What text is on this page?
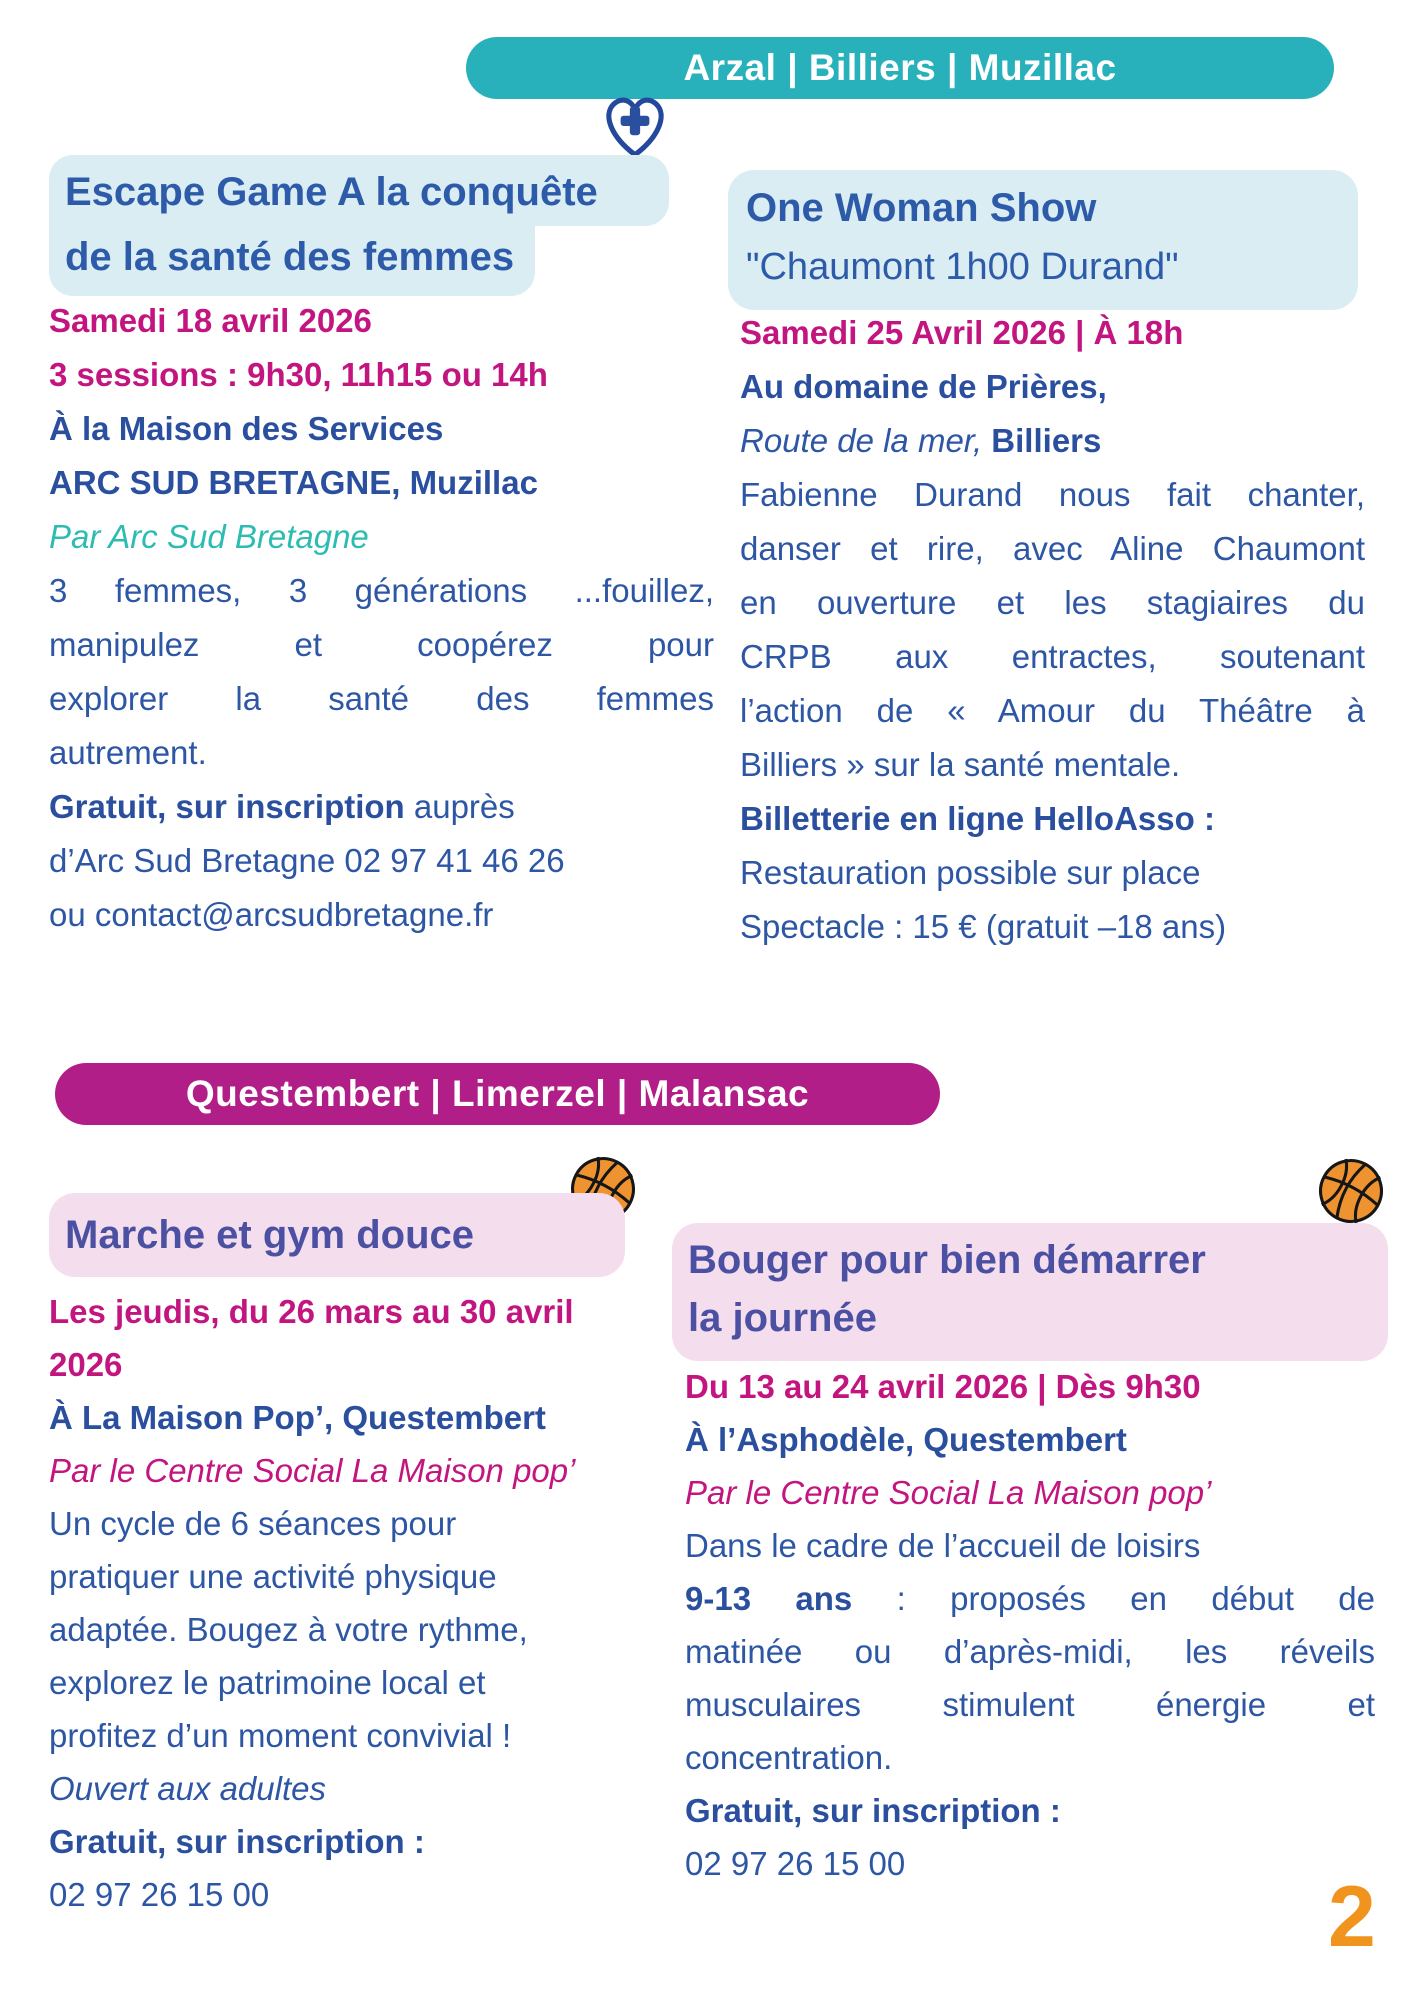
Arzal | Billiers | Muzillac
Escape Game A la conquête
de la santé des femmes
Samedi 18 avril 2026
3 sessions : 9h30, 11h15 ou 14h
À la Maison des Services
ARC SUD BRETAGNE, Muzillac
Par Arc Sud Bretagne
3 femmes, 3 générations ...fouillez,
manipulez et coopérez pour
explorer la santé des femmes
autrement.
Gratuit, sur inscription auprès
d’Arc Sud Bretagne 02 97 41 46 26
ou contact@arcsudbretagne.fr
One Woman Show
"Chaumont 1h00 Durand"
Samedi 25 Avril 2026 | À 18h
Au domaine de Prières,
Route de la mer, Billiers
Fabienne Durand nous fait chanter,
danser et rire, avec Aline Chaumont
en ouverture et les stagiaires du
CRPB aux entractes, soutenant
l’action de « Amour du Théâtre à
Billiers » sur la santé mentale.
Billetterie en ligne HelloAsso :
Restauration possible sur place
Spectacle : 15 € (gratuit –18 ans)
Questembert | Limerzel | Malansac
Marche et gym douce
Les jeudis, du 26 mars au 30 avril
2026
À La Maison Pop’, Questembert
Par le Centre Social La Maison pop’
Un cycle de 6 séances pour
pratiquer une activité physique
adaptée. Bougez à votre rythme,
explorez le patrimoine local et
profitez d’un moment convivial !
Ouvert aux adultes
Gratuit, sur inscription :
02 97 26 15 00
Bouger pour bien démarrer
la journée
Du 13 au 24 avril 2026 | Dès 9h30
À l’Asphodèle, Questembert
Par le Centre Social La Maison pop’
Dans le cadre de l’accueil de loisirs
9-13 ans : proposés en début de
matinée ou d’après-midi, les réveils
musculaires stimulent énergie et
concentration.
Gratuit, sur inscription :
02 97 26 15 00
2
